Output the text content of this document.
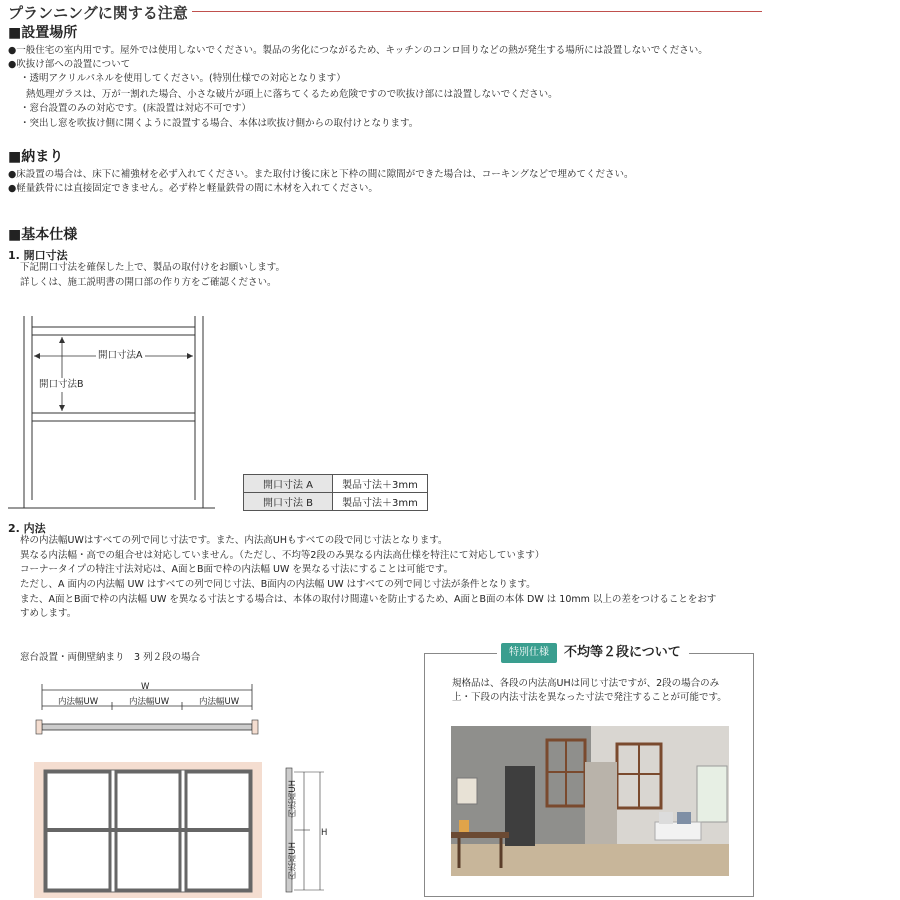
プランニングに関する注意
■設置場所
●一般住宅の室内用です。屋外では使用しないでください。製品の劣化につながるため、キッチンのコンロ回りなどの熱が発生する場所には設置しないでください。
●吹抜け部への設置について
・透明アクリルパネルを使用してください。(特別仕様での対応となります）
熱処理ガラスは、万が一割れた場合、小さな破片が頭上に落ちてくるため危険ですので吹抜け部には設置しないでください。
・窓台設置のみの対応です。(床設置は対応不可です）
・突出し窓を吹抜け側に開くように設置する場合、本体は吹抜け側からの取付けとなります。
■納まり
●床設置の場合は、床下に補強材を必ず入れてください。また取付け後に床と下枠の間に隙間ができた場合は、コーキングなどで埋めてください。
●軽量鉄骨には直接固定できません。必ず枠と軽量鉄骨の間に木材を入れてください。
■基本仕様
1. 開口寸法
下記開口寸法を確保した上で、製品の取付けをお願いします。
詳しくは、施工説明書の開口部の作り方をご確認ください。
開口寸法A
開口寸法B
開口寸法 A	製品寸法＋3mm
開口寸法 B	製品寸法＋3mm
2. 内法
枠の内法幅UWはすべての列で同じ寸法です。また、内法高UHもすべての段で同じ寸法となります。
異なる内法幅・高での組合せは対応していません。（ただし、不均等2段のみ異なる内法高仕様を特注にて対応しています）
コーナータイプの特注寸法対応は、A面とB面で枠の内法幅 UW を異なる寸法にすることは可能です。
ただし、A 面内の内法幅 UW はすべての列で同じ寸法、B面内の内法幅 UW はすべての列で同じ寸法が条件となります。
また、A面とB面で枠の内法幅 UW を異なる寸法とする場合は、本体の取付け間違いを防止するため、A面とB面の本体 DW は 10mm 以上の差をつけることをおす
すめします。
窓台設置・両側壁納まり　3 列２段の場合
W
内法幅UW	内法幅UW	内法幅UW
内法高UH
内法高UH
H
特別仕様	不均等２段について
規格品は、各段の内法高UHは同じ寸法ですが、2段の場合のみ
上・下段の内法寸法を異なった寸法で発注することが可能です。
